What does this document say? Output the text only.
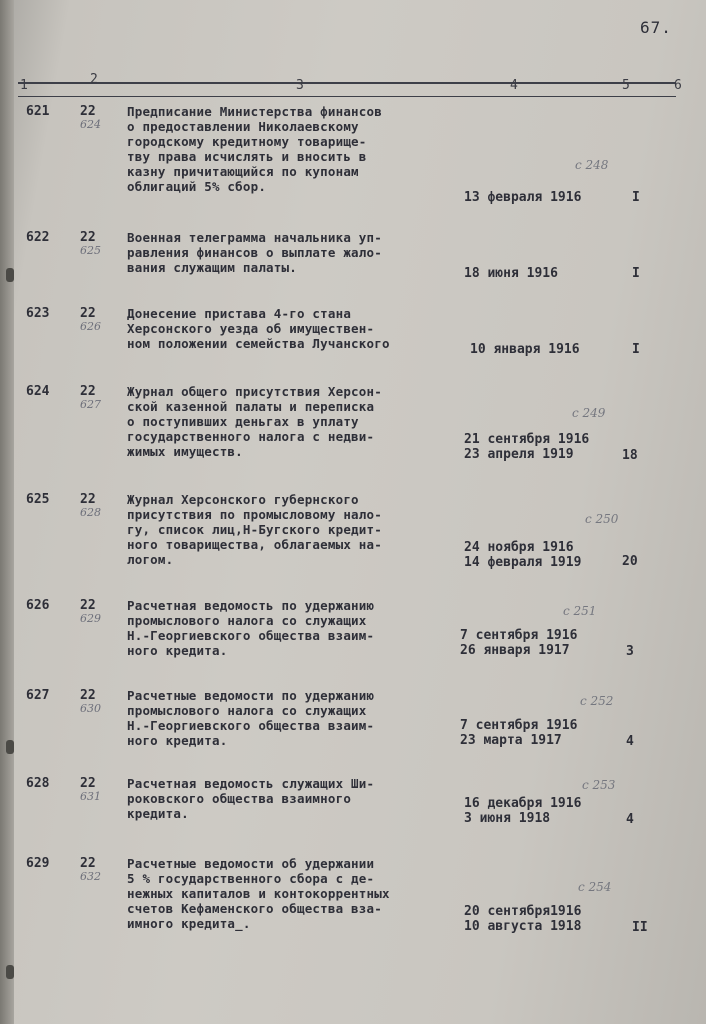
67.
1	2	3	4	5	6
621 22
624
Предписание Министерства финансов
о предоставлении Николаевскому
городскому кредитному товарище-
тву права исчислять и вносить в
казну причитающийся по купонам
облигаций 5% сбор.
с 248
13 февраля 1916	I
622 22
625
Военная телеграмма начальника уп-
равления финансов о выплате жало-
вания служащим палаты.	18 июня 1916	I
623 22
626
Донесение пристава 4-го стана
Херсонского уезда об имуществен-
ном положении семейства Лучанского	10 января 1916	I
624 22
627
Журнал общего присутствия Херсон-
ской казенной палаты и переписка
о поступивших деньгах в уплату
государственного налога с недви-
жимых имуществ.
с 249
21 сентября 1916
23 апреля 1919	18
625 22
628
Журнал Херсонского губернского
присутствия по промысловому нало-
гу, список лиц,Н-Бугского кредит-
ного товарищества, облагаемых на-
логом.
с 250
24 ноября 1916
14 февраля 1919	20
626 22
629
Расчетная ведомость по удержанию
промыслового налога со служащих
Н.-Георгиевского общества взаим-
ного кредита.
с 251
7 сентября 1916
26 января 1917	3
627 22
630
Расчетные ведомости по удержанию
промыслового налога со служащих
Н.-Георгиевского общества взаим-
ного кредита.
с 252
7 сентября 1916
23 марта 1917	4
628 22
631
Расчетная ведомость служащих Ши-
роковского общества взаимного
кредита.
с 253
16 декабря 1916
3 июня 1918	4
629 22
632
Расчетные ведомости об удержании
5 % государственного сбора с де-
нежных капиталов и контокоррентных
счетов Кефаменского общества вза-
имного кредита_.
с 254
20 сентября1916
10 августа 1918	II
